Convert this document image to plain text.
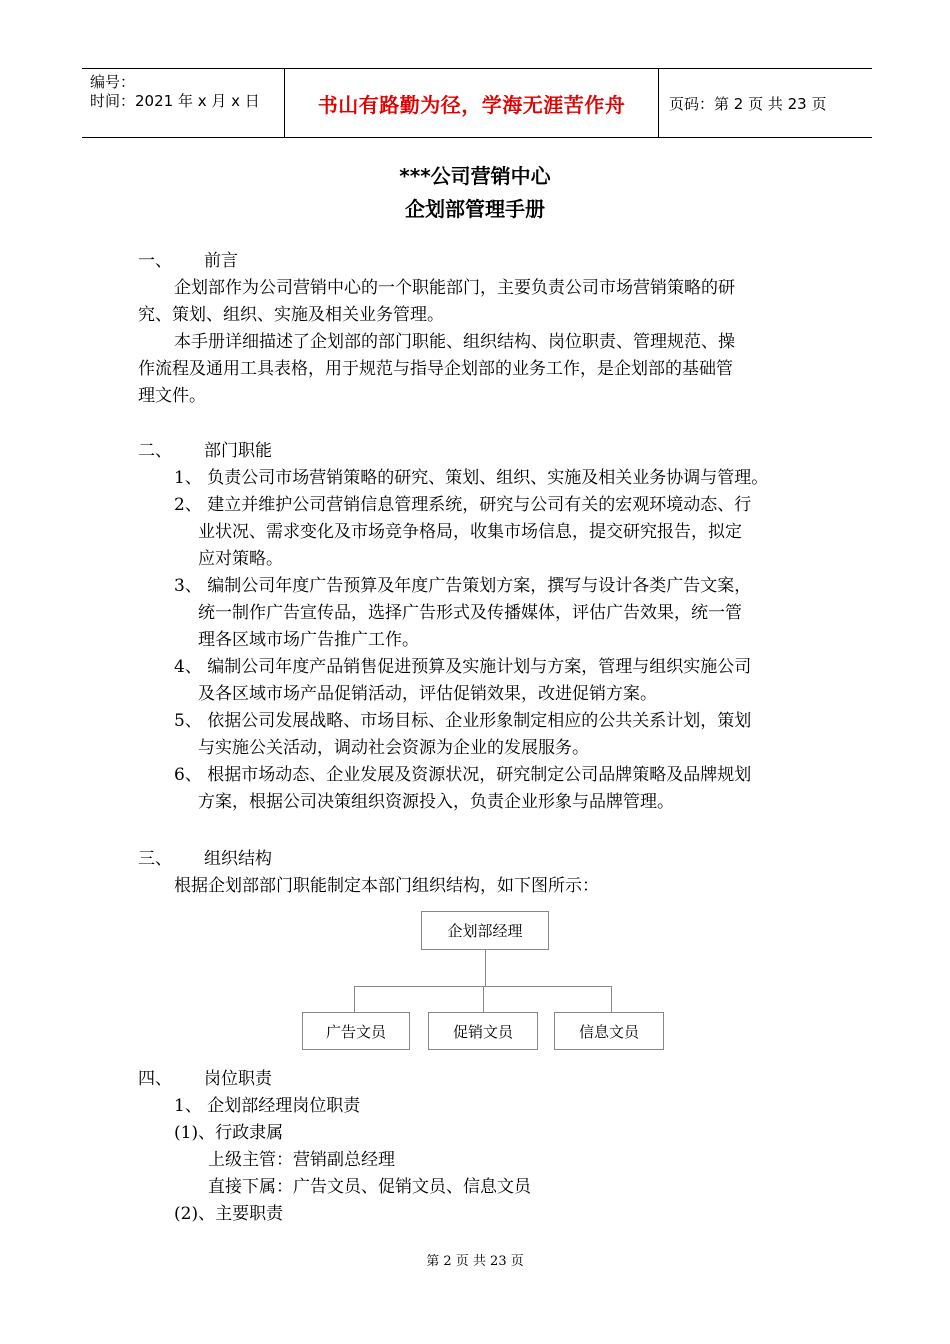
编号：
时间：2021 年 x 月 x 日	书山有路勤为径，学海无涯苦作舟	页码：第 2 页 共 23 页
***公司营销中心
企划部管理手册
一、 前言
企划部作为公司营销中心的一个职能部门，主要负责公司市场营销策略的研
究、策划、组织、实施及相关业务管理。
本手册详细描述了企划部的部门职能、组织结构、岗位职责、管理规范、操
作流程及通用工具表格，用于规范与指导企划部的业务工作，是企划部的基础管
理文件。
二、 部门职能
1、 负责公司市场营销策略的研究、策划、组织、实施及相关业务协调与管理。
2、 建立并维护公司营销信息管理系统，研究与公司有关的宏观环境动态、行
业状况、需求变化及市场竞争格局，收集市场信息，提交研究报告，拟定
应对策略。
3、 编制公司年度广告预算及年度广告策划方案，撰写与设计各类广告文案，
统一制作广告宣传品，选择广告形式及传播媒体，评估广告效果，统一管
理各区域市场广告推广工作。
4、 编制公司年度产品销售促进预算及实施计划与方案，管理与组织实施公司
及各区域市场产品促销活动，评估促销效果，改进促销方案。
5、 依据公司发展战略、市场目标、企业形象制定相应的公共关系计划，策划
与实施公关活动，调动社会资源为企业的发展服务。
6、 根据市场动态、企业发展及资源状况，研究制定公司品牌策略及品牌规划
方案，根据公司决策组织资源投入，负责企业形象与品牌管理。
三、 组织结构
根据企划部部门职能制定本部门组织结构，如下图所示：
企划部经理
广告文员	促销文员	信息文员
四、 岗位职责
1、 企划部经理岗位职责
(1)、行政隶属
上级主管：营销副总经理
直接下属：广告文员、促销文员、信息文员
(2)、主要职责
第 2 页 共 23 页
